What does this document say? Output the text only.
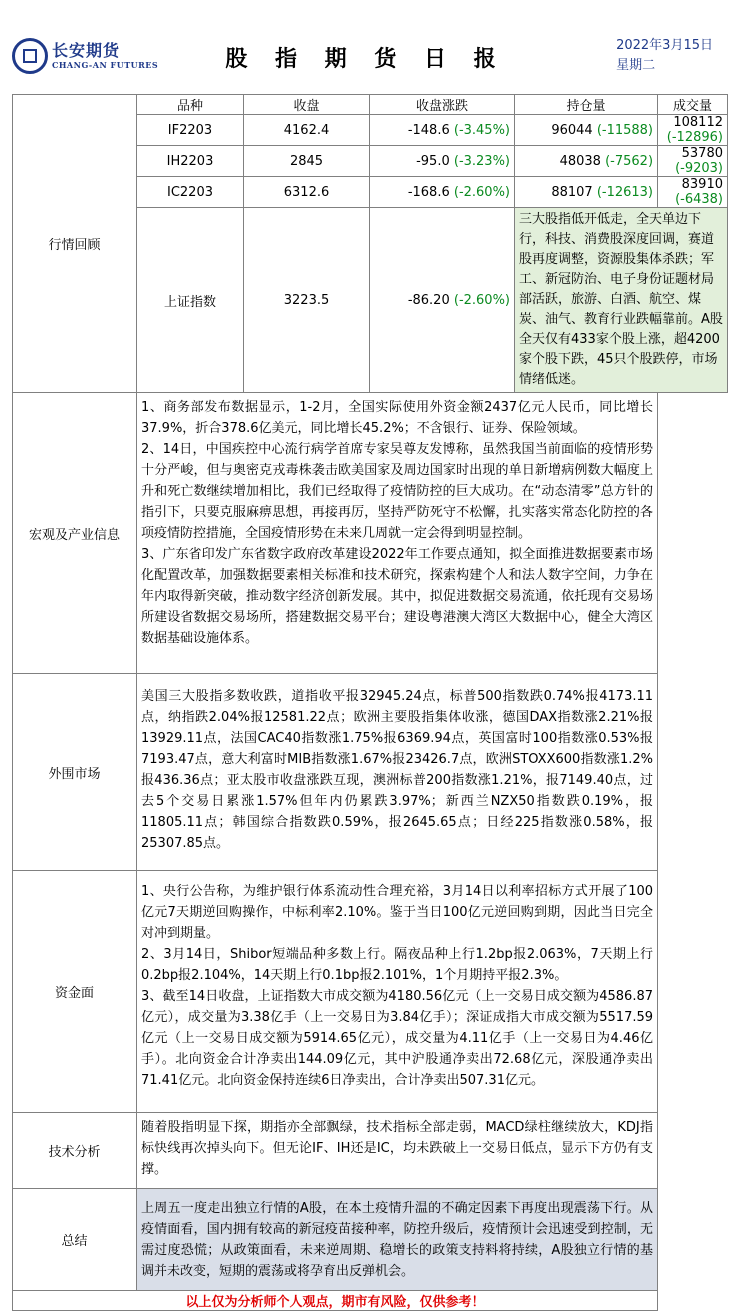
长安期货
CHANG-AN FUTURES	股 指 期 货 日 报
2022年3月15日
星期二
行情回顾	品种	收盘	收盘涨跌	持仓量	成交量
	IF2203	4162.4	-148.6 (-3.45%)	96044 (-11588)	108112 (-12896)
	IH2203	2845	-95.0 (-3.23%)	48038 (-7562)	53780 (-9203)
	IC2203	6312.6	-168.6 (-2.60%)	88107 (-12613)	83910 (-6438)
	上证指数	3223.5	-86.20 (-2.60%)	三大股指低开低走，全天单边下行，科技、消费股深度回调，赛道股再度调整，资源股集体杀跌；军工、新冠防治、电子身份证题材局部活跃，旅游、白酒、航空、煤炭、油气、教育行业跌幅靠前。A股全天仅有433家个股上涨，超4200家个股下跌，45只个股跌停，市场情绪低迷。	
宏观及产业信息	1、商务部发布数据显示，1-2月，全国实际使用外资金额2437亿元人民币，同比增长37.9%，折合378.6亿美元，同比增长45.2%；不含银行、证券、保险领域。
2、14日，中国疾控中心流行病学首席专家吴尊友发博称，虽然我国当前面临的疫情形势十分严峻，但与奥密克戎毒株袭击欧美国家及周边国家时出现的单日新增病例数大幅度上升和死亡数继续增加相比，我们已经取得了疫情防控的巨大成功。在“动态清零”总方针的指引下，只要克服麻痹思想，再接再厉，坚持严防死守不松懈，扎实落实常态化防控的各项疫情防控措施，全国疫情形势在未来几周就一定会得到明显控制。
3、广东省印发广东省数字政府改革建设2022年工作要点通知，拟全面推进数据要素市场化配置改革，加强数据要素相关标准和技术研究，探索构建个人和法人数字空间，力争在年内取得新突破，推动数字经济创新发展。其中，拟促进数据交易流通，依托现有交易场所建设省数据交易场所，搭建数据交易平台；建设粤港澳大湾区大数据中心，健全大湾区数据基础设施体系。				

外围市场	美国三大股指多数收跌，道指收平报32945.24点，标普500指数跌0.74%报4173.11点，纳指跌2.04%报12581.22点；欧洲主要股指集体收涨，德国DAX指数涨2.21%报13929.11点，法国CAC40指数涨1.75%报6369.94点，英国富时100指数涨0.53%报7193.47点，意大利富时MIB指数涨1.67%报23426.7点，欧洲STOXX600指数涨1.2%报436.36点；亚太股市收盘涨跌互现，澳洲标普200指数涨1.21%，报7149.40点，过去5个交易日累涨1.57%但年内仍累跌3.97%；新西兰NZX50指数跌0.19%，报11805.11点；韩国综合指数跌0.59%，报2645.65点；日经225指数涨0.58%，报25307.85点。				
资金面	1、央行公告称，为维护银行体系流动性合理充裕，3月14日以利率招标方式开展了100亿元7天期逆回购操作，中标利率2.10%。鉴于当日100亿元逆回购到期，因此当日完全对冲到期量。
2、3月14日，Shibor短端品种多数上行。隔夜品种上行1.2bp报2.063%，7天期上行0.2bp报2.104%，14天期上行0.1bp报2.101%，1个月期持平报2.3%。
3、截至14日收盘，上证指数大市成交额为4180.56亿元（上一交易日成交额为4586.87亿元），成交量为3.38亿手（上一交易日为3.84亿手）；深证成指大市成交额为5517.59亿元（上一交易日成交额为5914.65亿元），成交量为4.11亿手（上一交易日为4.46亿手）。北向资金合计净卖出144.09亿元，其中沪股通净卖出72.68亿元，深股通净卖出71.41亿元。北向资金保持连续6日净卖出，合计净卖出507.31亿元。				

技术分析	随着股指明显下探，期指亦全部飘绿，技术指标全部走弱，MACD绿柱继续放大，KDJ指标快线再次掉头向下。但无论IF、IH还是IC，均未跌破上一交易日低点，显示下方仍有支撑。				
总结	上周五一度走出独立行情的A股，在本土疫情升温的不确定因素下再度出现震荡下行。从疫情面看，国内拥有较高的新冠疫苗接种率，防控升级后，疫情预计会迅速受到控制，无需过度恐慌；从政策面看，未来逆周期、稳增长的政策支持料将持续，A股独立行情的基调并未改变，短期的震荡或将孕育出反弹机会。				
以上仅为分析师个人观点，期市有风险，仅供参考！					
